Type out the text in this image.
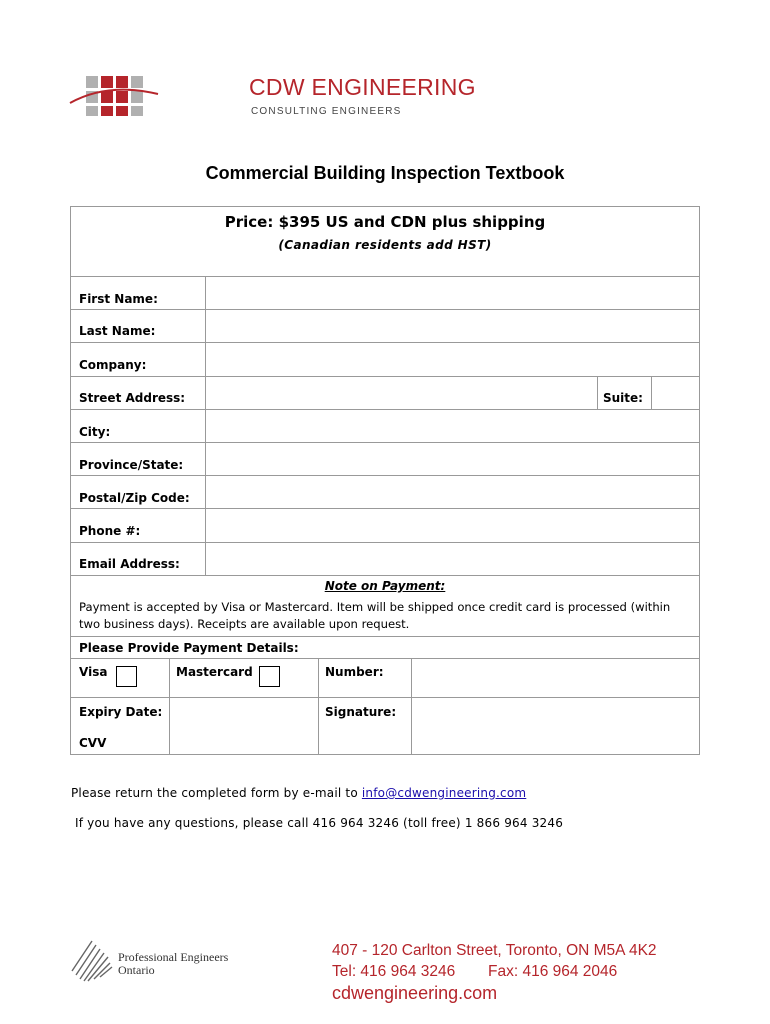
CDW ENGINEERING
CONSULTING ENGINEERS
Commercial Building Inspection Textbook
Price: $395 US and CDN plus shipping
(Canadian residents add HST)
First Name:
Last Name:
Company:
Street Address:	Suite:
City:
Province/State:
Postal/Zip Code:
Phone #:
Email Address:
Note on Payment:
Payment is accepted by Visa or Mastercard. Item will be shipped once credit card is processed (within two business days). Receipts are available upon request.
Please Provide Payment Details:
Visa	Mastercard	Number:
Expiry Date:	Signature:
CVV
Please return the completed form by e-mail to info@cdwengineering.com
If you have any questions, please call 416 964 3246 (toll free) 1 866 964 3246
Professional Engineers
Ontario
407 - 120 Carlton Street, Toronto, ON M5A 4K2
Tel: 416 964 3246 Fax: 416 964 2046
cdwengineering.com
